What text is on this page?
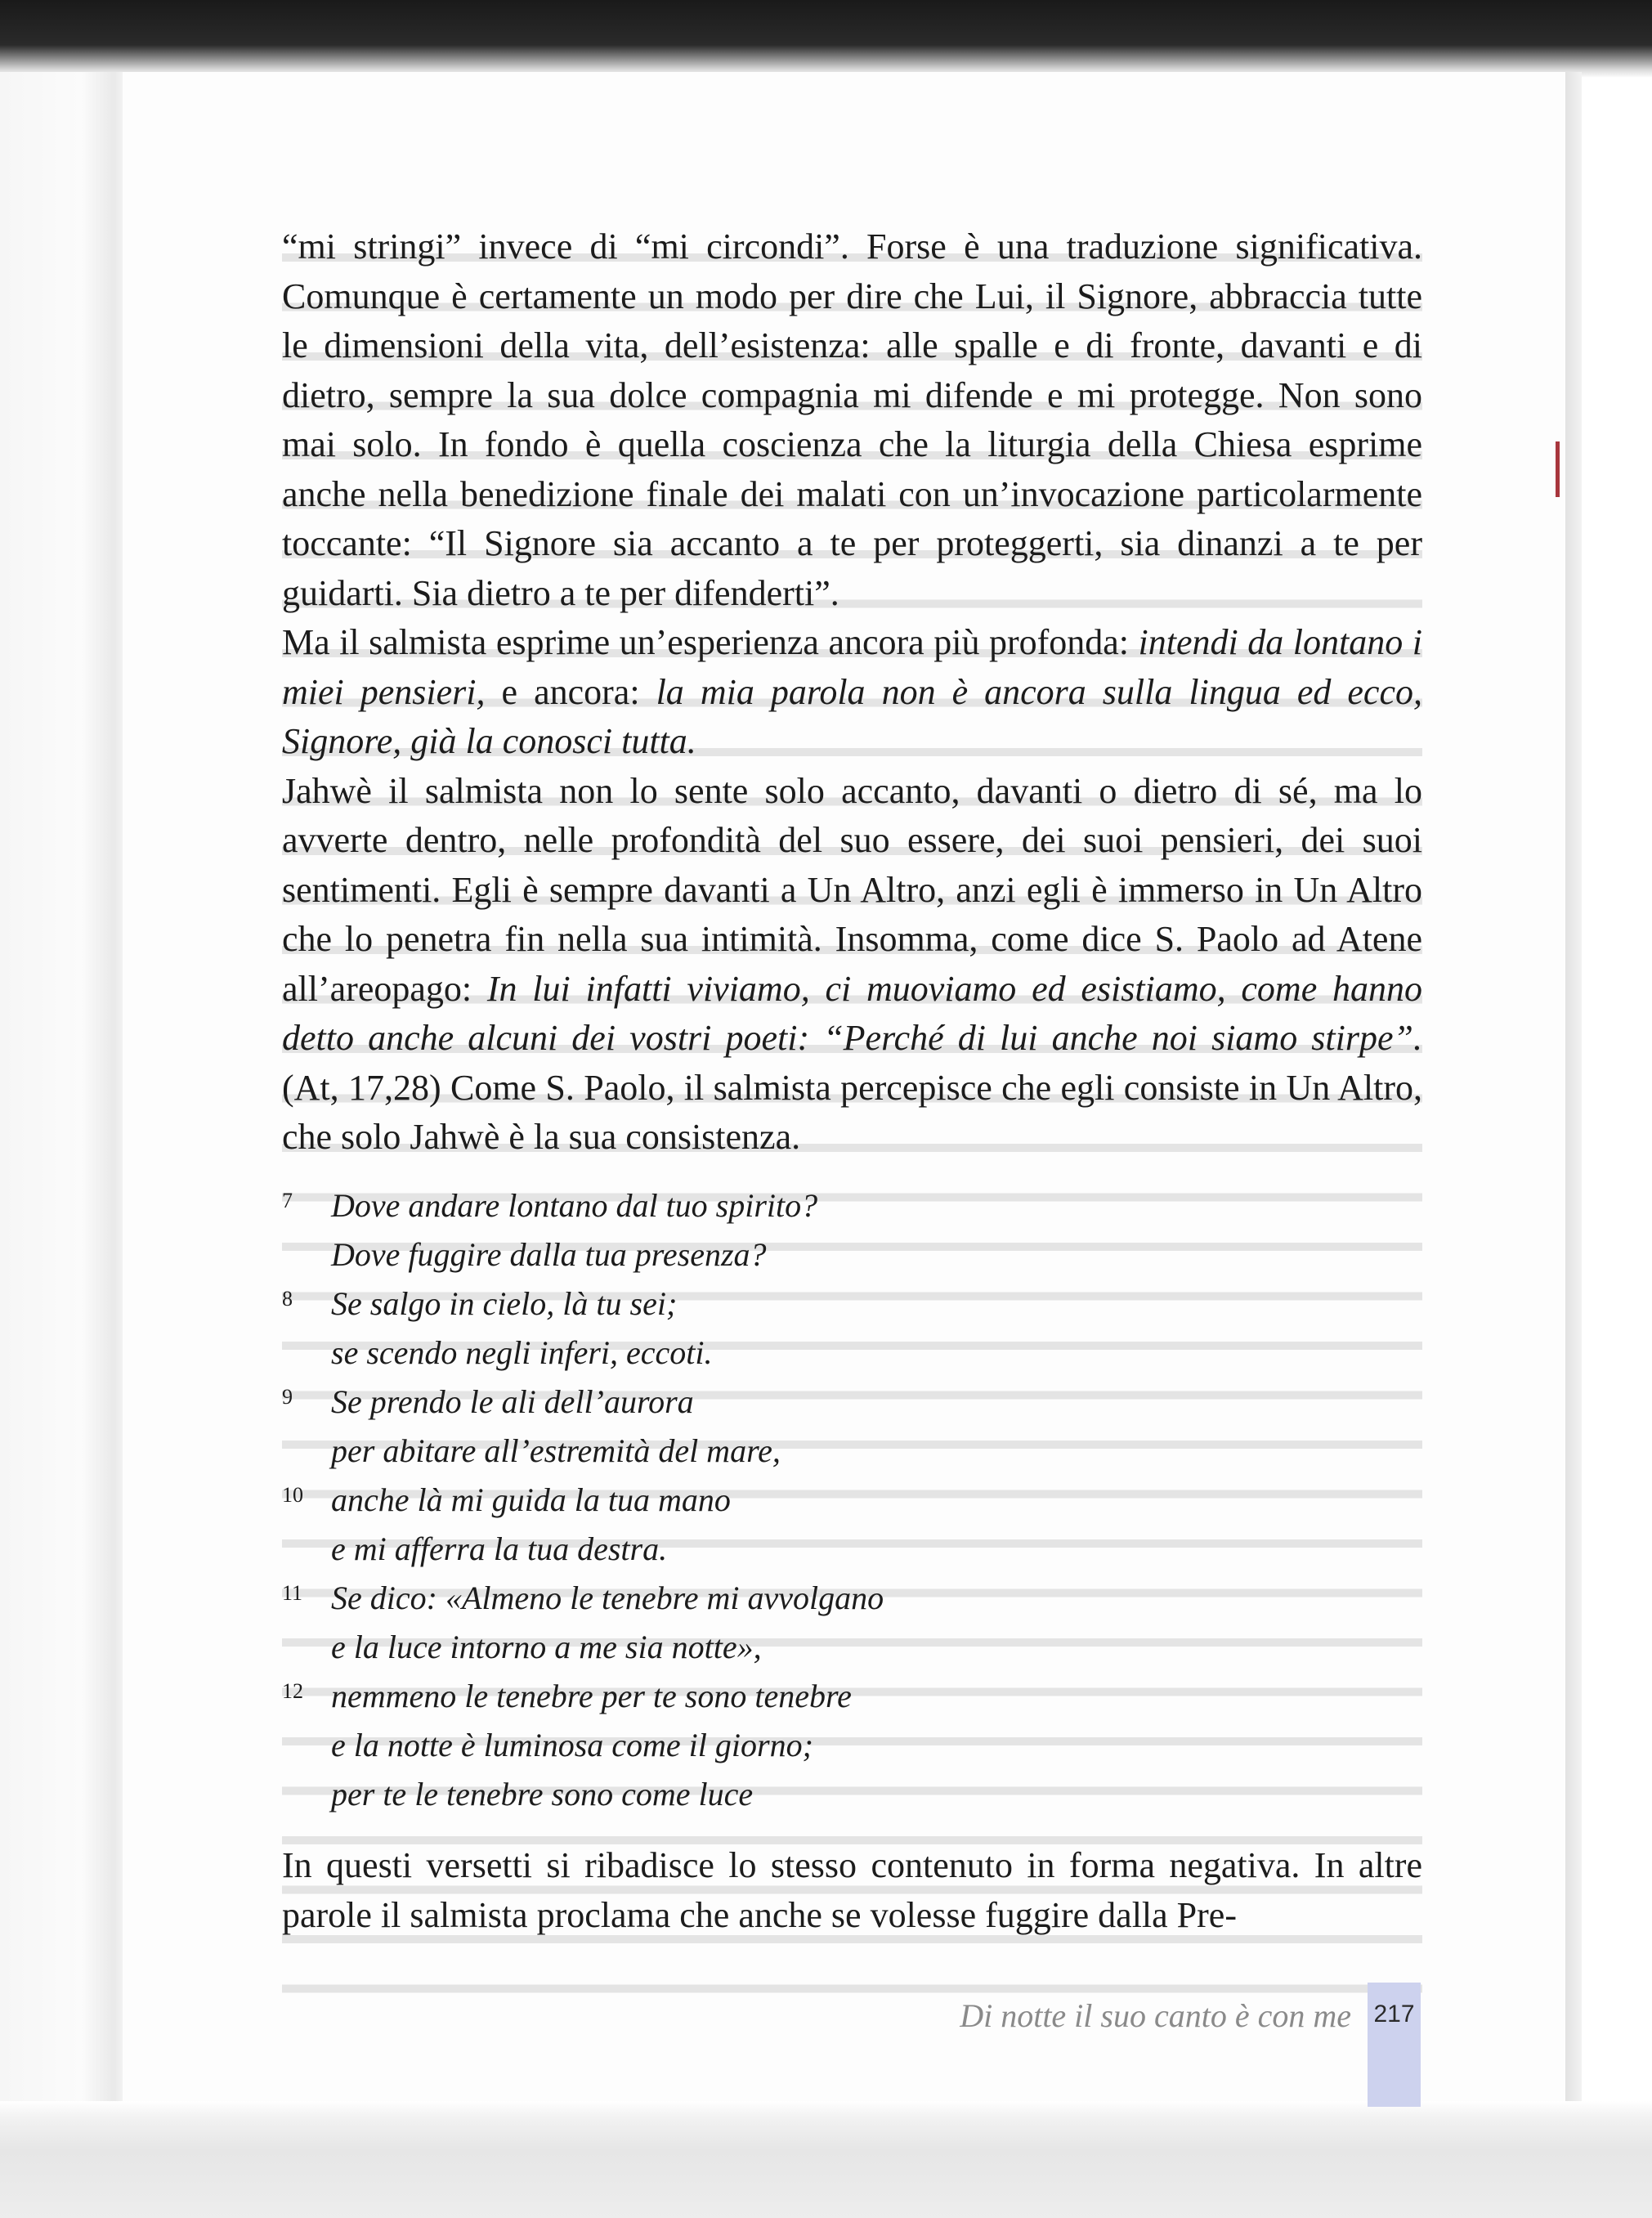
“mi stringi” invece di “mi circondi”. Forse è una traduzione significativa. Comunque è certamente un modo per dire che Lui, il Signore, abbraccia tutte le dimensioni della vita, dell’esistenza: alle spalle e di fronte, davanti e di dietro, sempre la sua dolce compagnia mi difende e mi protegge. Non sono mai solo. In fondo è quella coscienza che la liturgia della Chiesa esprime anche nella benedizione finale dei malati con un’invocazione particolarmente toccante: “Il Signore sia accanto a te per proteggerti, sia dinanzi a te per guidarti. Sia dietro a te per difenderti”.

Ma il salmista esprime un’esperienza ancora più profonda: intendi da lontano i miei pensieri, e ancora: la mia parola non è ancora sulla lingua ed ecco, Signore, già la conosci tutta.

Jahwè il salmista non lo sente solo accanto, davanti o dietro di sé, ma lo avverte dentro, nelle profondità del suo essere, dei suoi pensieri, dei suoi sentimenti. Egli è sempre davanti a Un Altro, anzi egli è immerso in Un Altro che lo penetra fin nella sua intimità. Insomma, come dice S. Paolo ad Atene all’areopago: In lui infatti viviamo, ci muoviamo ed esistiamo, come hanno detto anche alcuni dei vostri poeti: “Perché di lui anche noi siamo stirpe”. (At, 17,28) Come S. Paolo, il salmista percepisce che egli consiste in Un Altro, che solo Jahwè è la sua consistenza.

7 Dove andare lontano dal tuo spirito?
Dove fuggire dalla tua presenza?
8 Se salgo in cielo, là tu sei;
se scendo negli inferi, eccoti.
9 Se prendo le ali dell’aurora
per abitare all’estremità del mare,
10 anche là mi guida la tua mano
e mi afferra la tua destra.
11 Se dico: «Almeno le tenebre mi avvolgano
e la luce intorno a me sia notte»,
12 nemmeno le tenebre per te sono tenebre
e la notte è luminosa come il giorno;
per te le tenebre sono come luce

In questi versetti si ribadisce lo stesso contenuto in forma negativa. In altre parole il salmista proclama che anche se volesse fuggire dalla Pre-

Di notte il suo canto è con me 217
